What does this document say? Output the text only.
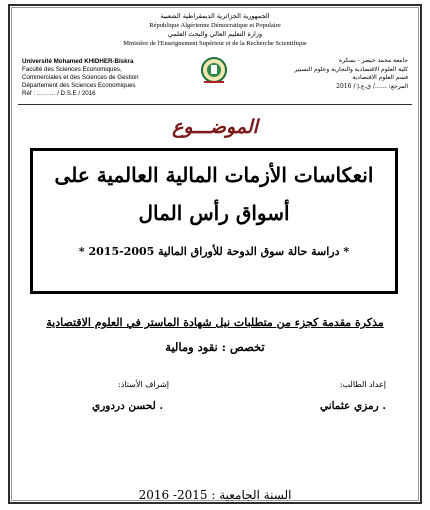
الجمهورية الجزائرية الديمقراطية الشعبية
République Algérienne Démocratique et Populaire
وزارة التعليم العالي والبحث العلمي
Ministère de l'Enseignement Supérieur et de la Recherche Scientifique
Université Mohamed KHIDHER-Biskra
Faculté des Sciences Economiques,
Commerciales et des Sciences de Gestion
Département des Sciences Economiques
Réf : ……… / D.S.E / 2016
جامعة محمد خيضر - بسكرة
كلية العلوم الاقتصادية والتجارية وعلوم التسيير
قسم العلوم الاقتصادية
المرجع: ……/ ق.ع.إ / 2016
الموضـــوع
انعكاسات الأزمات المالية العالمية على
أسواق رأس المال
* دراسة حالة سوق الدوحة للأوراق المالية 2005-2015 *
مذكرة مقدمة كجزء من متطلبات نيل شهادة الماستر في العلوم الاقتصادية
تخصص : نقود ومالية
إعداد الطالب:
. رمزي عثماني
إشراف الأستاذ:
. لحسن دردوري
السنة الجامعية : 2015- 2016
